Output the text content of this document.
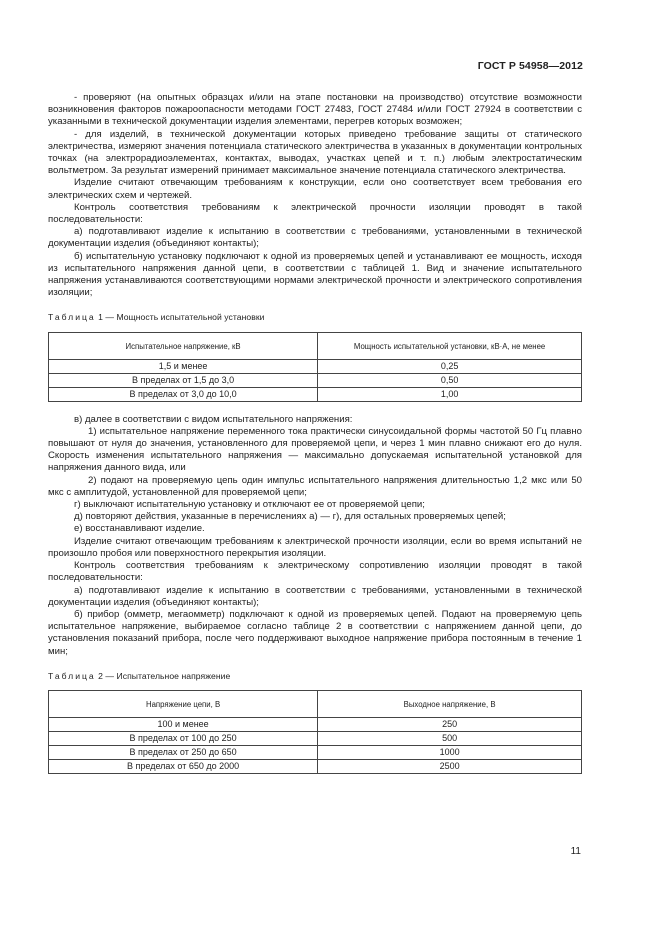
ГОСТ Р 54958—2012

- проверяют (на опытных образцах и/или на этапе постановки на производство) отсутствие возможности возникновения факторов пожароопасности методами ГОСТ 27483, ГОСТ 27484 и/или ГОСТ 27924 в соответствии с указанными в технической документации изделия элементами, перегрев которых возможен;

- для изделий, в технической документации которых приведено требование защиты от статического электричества, измеряют значения потенциала статического электричества в указанных в документации контрольных точках (на электрорадиоэлементах, контактах, выводах, участках цепей и т. п.) любым электростатическим вольтметром. За результат измерений принимает максимальное значение потенциала статического электричества.

Изделие считают отвечающим требованиям к конструкции, если оно соответствует всем требования его электрических схем и чертежей.

Контроль соответствия требованиям к электрической прочности изоляции проводят в такой последовательности:

а) подготавливают изделие к испытанию в соответствии с требованиями, установленными в технической документации изделия (объединяют контакты);

б) испытательную установку подключают к одной из проверяемых цепей и устанавливают ее мощность, исходя из испытательного напряжения данной цепи, в соответствии с таблицей 1. Вид и значение испытательного напряжения устанавливаются соответствующими нормами электрической прочности и электрического сопротивления изоляции;

Таблица 1 — Мощность испытательной установки
Испытательное напряжение, кВ	Мощность испытательной установки, кВ·А, не менее
1,5 и менее	0,25
В пределах от 1,5 до 3,0	0,50
В пределах от 3,0 до 10,0	1,00

в) далее в соответствии с видом испытательного напряжения:

1) испытательное напряжение переменного тока практически синусоидальной формы частотой 50 Гц плавно повышают от нуля до значения, установленного для проверяемой цепи, и через 1 мин плавно снижают его до нуля. Скорость изменения испытательного напряжения — максимально допускаемая испытательной установкой для напряжения данного вида, или

2) подают на проверяемую цепь один импульс испытательного напряжения длительностью 1,2 мкс или 50 мкс с амплитудой, установленной для проверяемой цепи;

г) выключают испытательную установку и отключают ее от проверяемой цепи;

д) повторяют действия, указанные в перечислениях а) — г), для остальных проверяемых цепей;

е) восстанавливают изделие.

Изделие считают отвечающим требованиям к электрической прочности изоляции, если во время испытаний не произошло пробоя или поверхностного перекрытия изоляции.

Контроль соответствия требованиям к электрическому сопротивлению изоляции проводят в такой последовательности:

а) подготавливают изделие к испытанию в соответствии с требованиями, установленными в технической документации изделия (объединяют контакты);

б) прибор (омметр, мегаомметр) подключают к одной из проверяемых цепей. Подают на проверяемую цепь испытательное напряжение, выбираемое согласно таблице 2 в соответствии с напряжением данной цепи, до установления показаний прибора, после чего поддерживают выходное напряжение прибора постоянным в течение 1 мин;

Таблица 2 — Испытательное напряжение
Напряжение цепи, В	Выходное напряжение, В
100 и менее	250
В пределах от 100 до 250	500
В пределах от 250 до 650	1000
В пределах от 650 до 2000	2500
11
